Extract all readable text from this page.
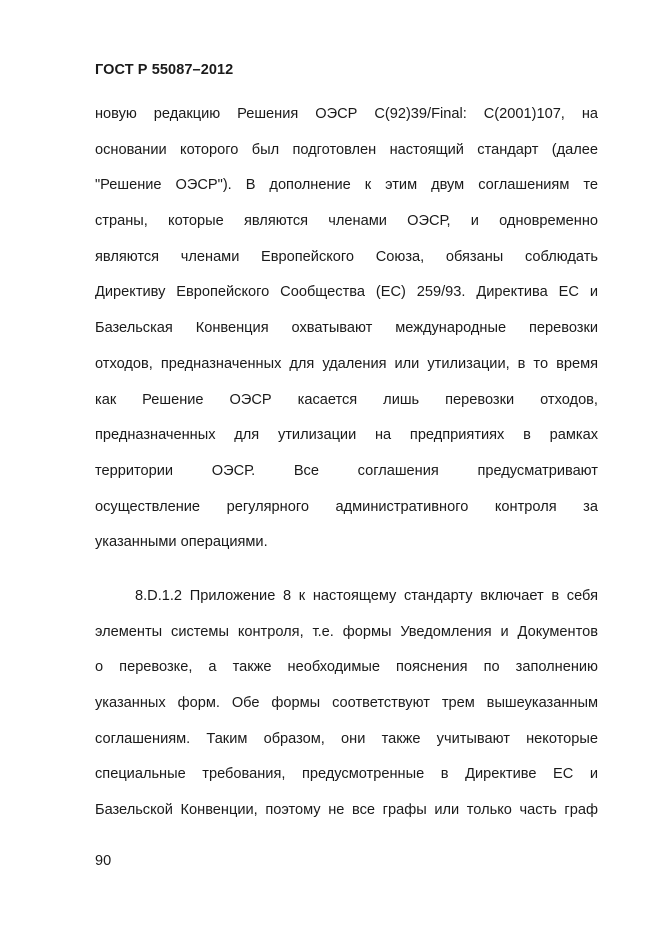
ГОСТ Р 55087–2012
новую редакцию Решения ОЭСР С(92)39/Final: С(2001)107, на
основании которого был подготовлен настоящий стандарт (далее
"Решение ОЭСР"). В дополнение к этим двум соглашениям те
страны, которые являются членами ОЭСР, и одновременно
являются членами Европейского Союза, обязаны соблюдать
Директиву Европейского Сообщества (ЕС) 259/93. Директива ЕС и
Базельская Конвенция охватывают международные перевозки
отходов, предназначенных для удаления или утилизации, в то время
как Решение ОЭСР касается лишь перевозки отходов,
предназначенных для утилизации на предприятиях в рамках
территории ОЭСР. Все соглашения предусматривают
осуществление регулярного административного контроля за
указанными операциями.
8.D.1.2 Приложение 8 к настоящему стандарту включает в себя
элементы системы контроля, т.е. формы Уведомления и Документов
о перевозке, а также необходимые пояснения по заполнению
указанных форм. Обе формы соответствуют трем вышеуказанным
соглашениям. Таким образом, они также учитывают некоторые
специальные требования, предусмотренные в Директиве ЕС и
Базельской Конвенции, поэтому не все графы или только часть граф
90
